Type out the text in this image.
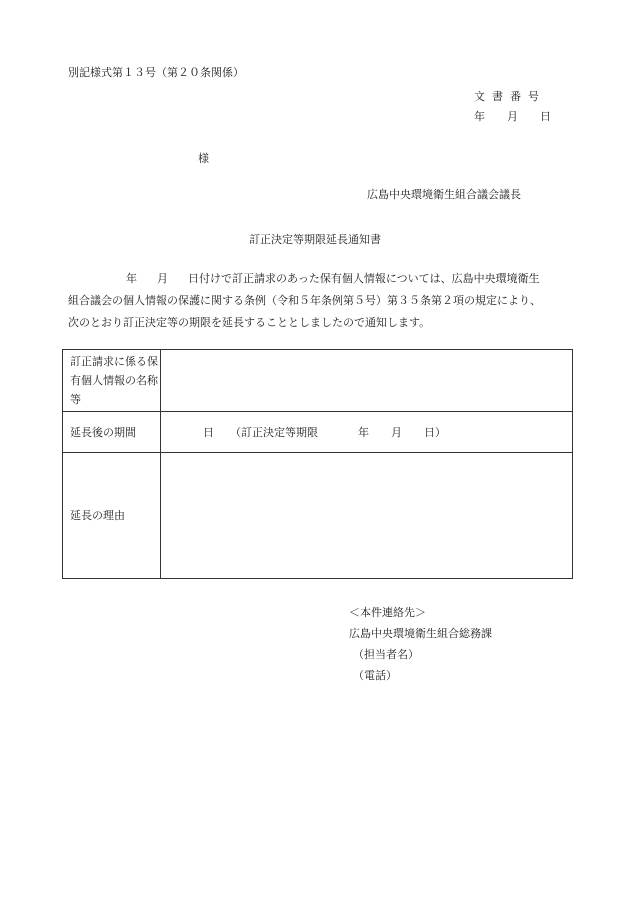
別記様式第１３号（第２０条関係）
文書番号
年 月 日
様
広島中央環境衛生組合議会議長
訂正決定等期限延長通知書
年 月 日付けで訂正請求のあった保有個人情報については、広島中央環境衛生
組合議会の個人情報の保護に関する条例（令和５年条例第５号）第３５条第２項の規定により、
次のとおり訂正決定等の期限を延長することとしましたので通知します。
訂正請求に係る保有個人情報の名称等	
延長後の期間	日 （訂正決定等期限 年 月 日）
延長の理由	
＜本件連絡先＞
広島中央環境衛生組合総務課
（担当者名）
（電話）
